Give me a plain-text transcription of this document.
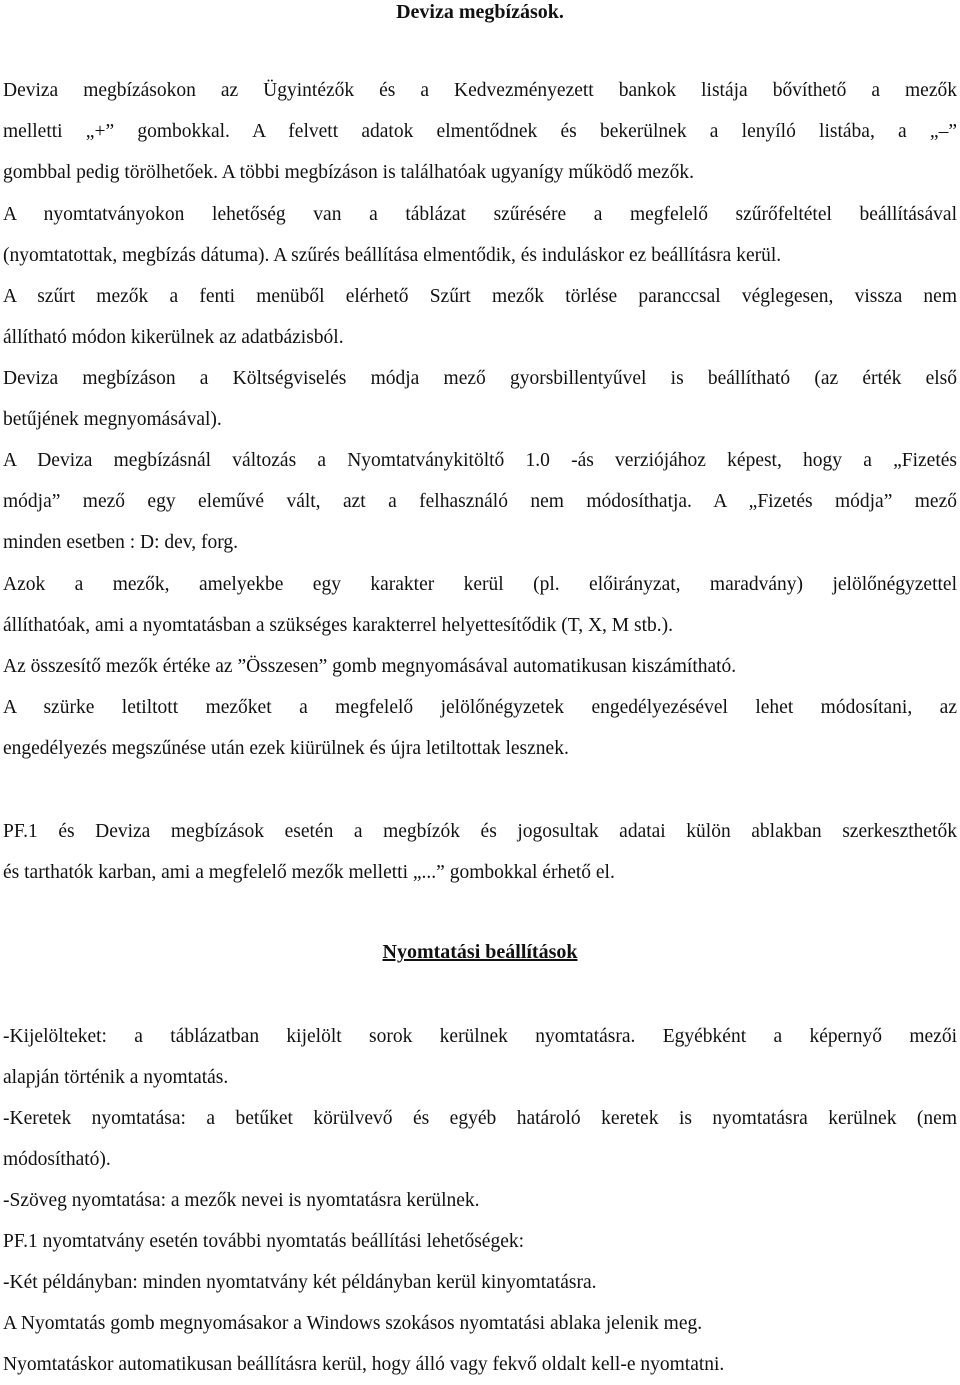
Deviza megbízások.
Deviza megbízásokon az Ügyintézők és a Kedvezményezett bankok listája bővíthető a mezők
melletti „+” gombokkal. A felvett adatok elmentődnek és bekerülnek a lenyíló listába, a „–”
gombbal pedig törölhetőek. A többi megbízáson is találhatóak ugyanígy működő mezők.
A nyomtatványokon lehetőség van a táblázat szűrésére a megfelelő szűrőfeltétel beállításával
(nyomtatottak, megbízás dátuma). A szűrés beállítása elmentődik, és induláskor ez beállításra kerül.
A szűrt mezők a fenti menüből elérhető Szűrt mezők törlése paranccsal véglegesen, vissza nem
állítható módon kikerülnek az adatbázisból.
Deviza megbízáson a Költségviselés módja mező gyorsbillentyűvel is beállítható (az érték első
betűjének megnyomásával).
A Deviza megbízásnál változás a Nyomtatványkitöltő 1.0 -ás verziójához képest, hogy a „Fizetés
módja” mező egy eleművé vált, azt a felhasználó nem módosíthatja. A „Fizetés módja” mező
minden esetben : D: dev, forg.
Azok a mezők, amelyekbe egy karakter kerül (pl. előirányzat, maradvány) jelölőnégyzettel
állíthatóak, ami a nyomtatásban a szükséges karakterrel helyettesítődik (T, X, M stb.).
Az összesítő mezők értéke az ”Összesen” gomb megnyomásával automatikusan kiszámítható.
A szürke letiltott mezőket a megfelelő jelölőnégyzetek engedélyezésével lehet módosítani, az
engedélyezés megszűnése után ezek kiürülnek és újra letiltottak lesznek.
PF.1 és Deviza megbízások esetén a megbízók és jogosultak adatai külön ablakban szerkeszthetők
és tarthatók karban, ami a megfelelő mezők melletti „...” gombokkal érhető el.
Nyomtatási beállítások
-Kijelölteket: a táblázatban kijelölt sorok kerülnek nyomtatásra. Egyébként a képernyő mezői
alapján történik a nyomtatás.
-Keretek nyomtatása: a betűket körülvevő és egyéb határoló keretek is nyomtatásra kerülnek (nem
módosítható).
-Szöveg nyomtatása: a mezők nevei is nyomtatásra kerülnek.
PF.1 nyomtatvány esetén további nyomtatás beállítási lehetőségek:
-Két példányban: minden nyomtatvány két példányban kerül kinyomtatásra.
A Nyomtatás gomb megnyomásakor a Windows szokásos nyomtatási ablaka jelenik meg.
Nyomtatáskor automatikusan beállításra kerül, hogy álló vagy fekvő oldalt kell-e nyomtatni.
